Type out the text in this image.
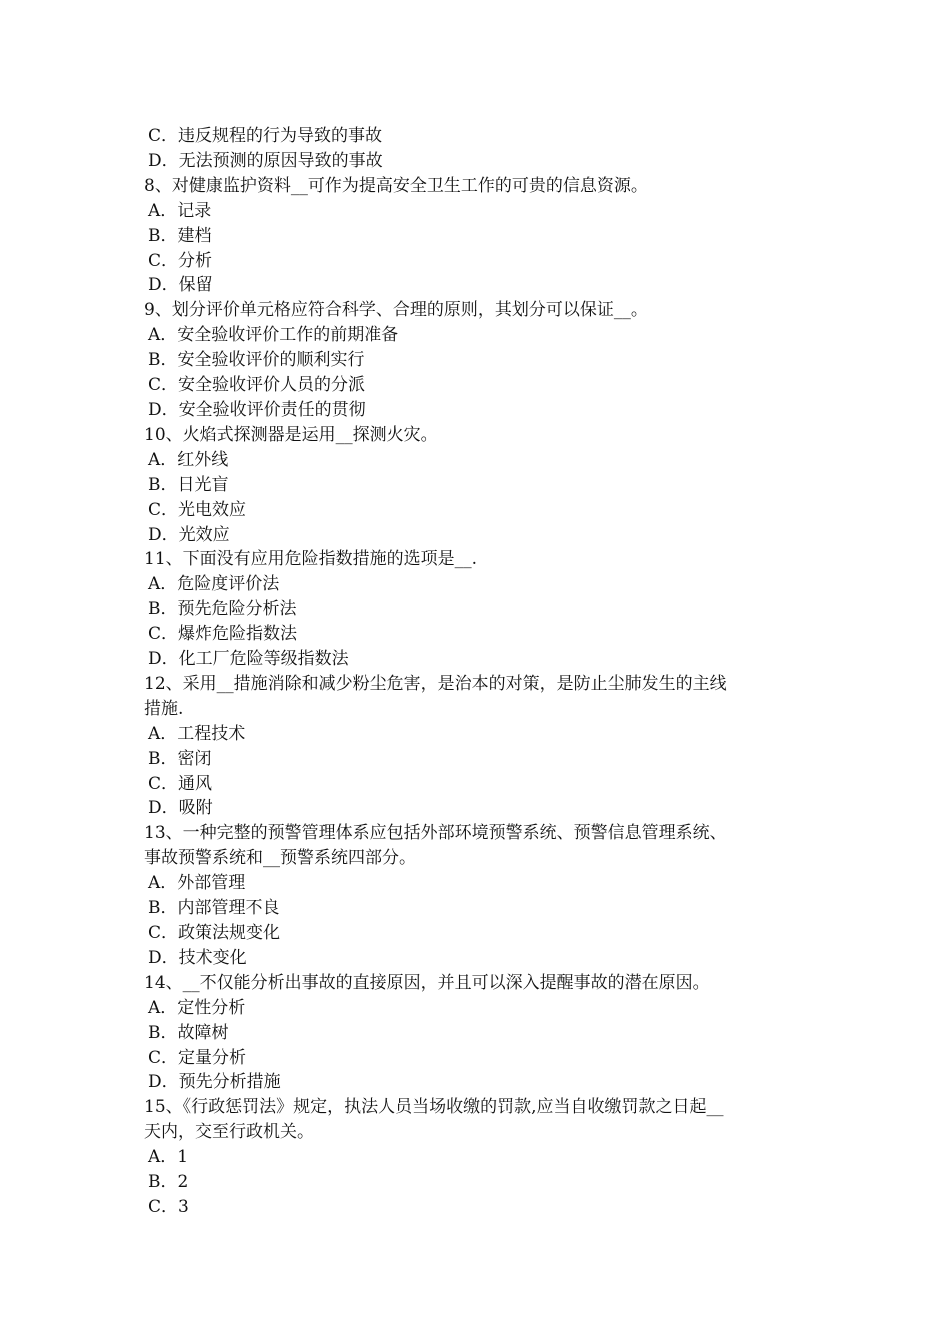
C．违反规程的行为导致的事故

D．无法预测的原因导致的事故

8、对健康监护资料__可作为提高安全卫生工作的可贵的信息资源。

A．记录

B．建档

C．分析

D．保留

9、划分评价单元格应符合科学、合理的原则，其划分可以保证__。

A．安全验收评价工作的前期准备

B．安全验收评价的顺利实行

C．安全验收评价人员的分派

D．安全验收评价责任的贯彻

10、火焰式探测器是运用__探测火灾。

A．红外线

B．日光盲

C．光电效应

D．光效应

11、下面没有应用危险指数措施的选项是__.

A．危险度评价法

B．预先危险分析法

C．爆炸危险指数法

D．化工厂危险等级指数法

12、采用__措施消除和减少粉尘危害，是治本的对策，是防止尘肺发生的主线

措施.

A．工程技术

B．密闭

C．通风

D．吸附

13、一种完整的预警管理体系应包括外部环境预警系统、预警信息管理系统、

事故预警系统和__预警系统四部分。

A．外部管理

B．内部管理不良

C．政策法规变化

D．技术变化

14、__不仅能分析出事故的直接原因，并且可以深入提醒事故的潜在原因。

A．定性分析

B．故障树

C．定量分析

D．预先分析措施

15、《行政惩罚法》规定，执法人员当场收缴的罚款,应当自收缴罚款之日起__

天内，交至行政机关。

A．1

B．2

C．3
